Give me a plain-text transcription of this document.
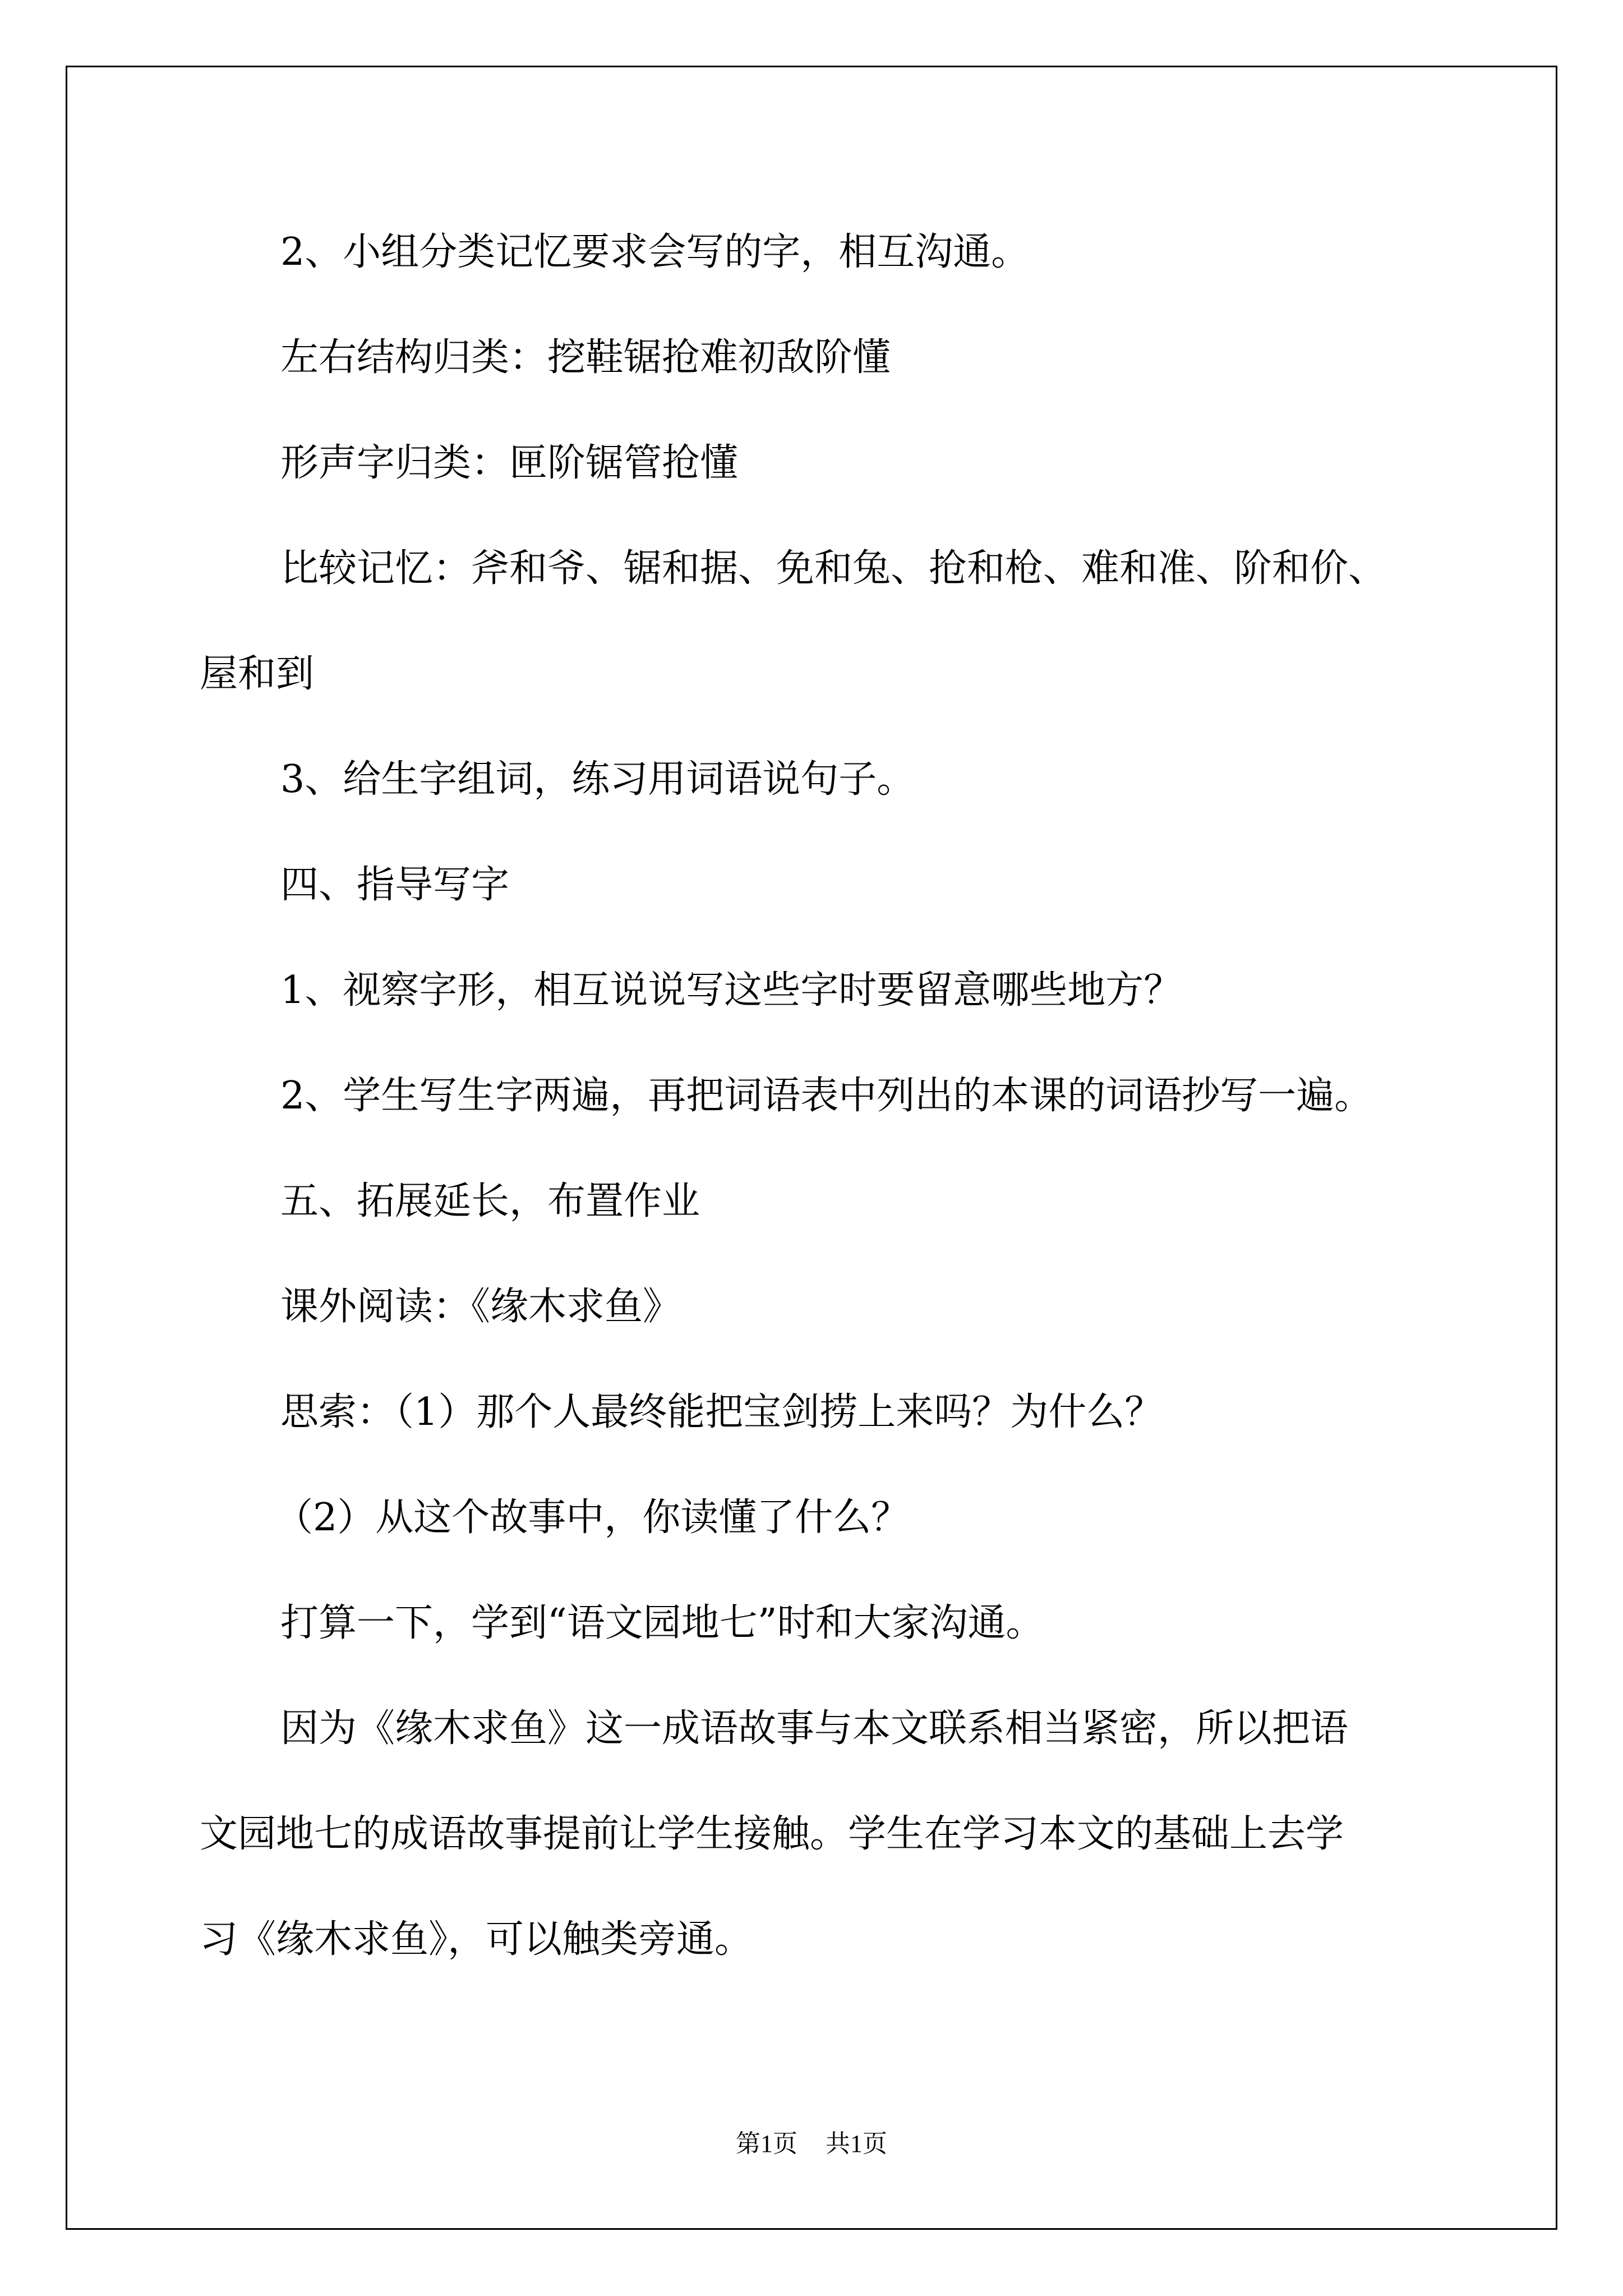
2、小组分类记忆要求会写的字，相互沟通。

左右结构归类：挖鞋锯抢难初敌阶懂

形声字归类：匣阶锯管抢懂

比较记忆：斧和爷、锯和据、免和兔、抢和枪、难和准、阶和价、

屋和到

3、给生字组词，练习用词语说句子。

四、指导写字

1、视察字形，相互说说写这些字时要留意哪些地方？

2、学生写生字两遍，再把词语表中列出的本课的词语抄写一遍。

五、拓展延长，布置作业

课外阅读：《缘木求鱼》

思索：（1）那个人最终能把宝剑捞上来吗？为什么？

（2）从这个故事中，你读懂了什么？

打算一下，学到“语文园地七”时和大家沟通。

因为《缘木求鱼》这一成语故事与本文联系相当紧密，所以把语

文园地七的成语故事提前让学生接触。学生在学习本文的基础上去学

习《缘木求鱼》，可以触类旁通。

第1页 共1页
